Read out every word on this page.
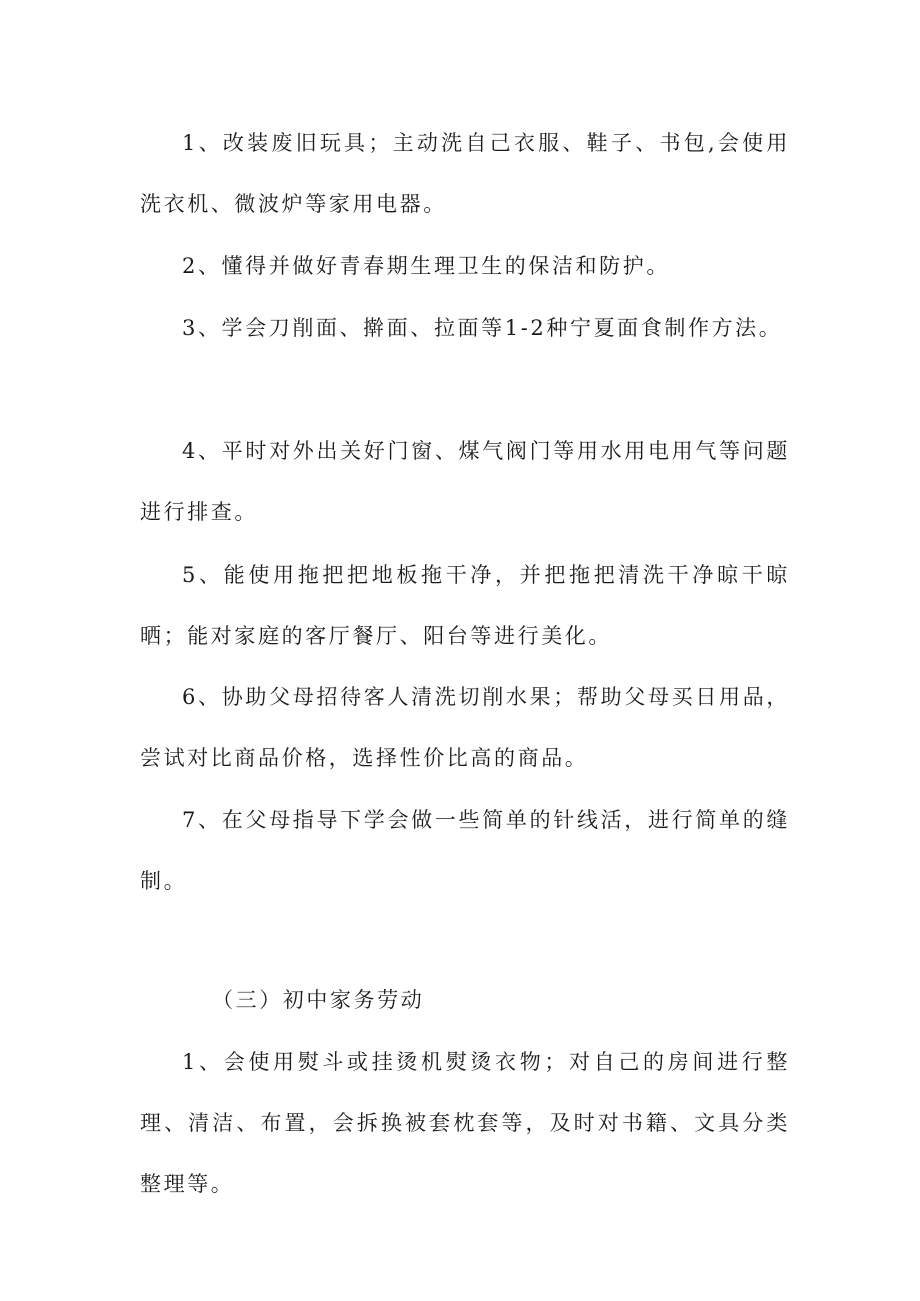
1、改装废旧玩具；主动洗自己衣服、鞋子、书包,会使用洗衣机、微波炉等家用电器。

2、懂得并做好青春期生理卫生的保洁和防护。

3、学会刀削面、擀面、拉面等1-2种宁夏面食制作方法。

4、平时对外出关好门窗、煤气阀门等用水用电用气等问题进行排查。

5、能使用拖把把地板拖干净，并把拖把清洗干净晾干晾晒；能对家庭的客厅餐厅、阳台等进行美化。

6、协助父母招待客人清洗切削水果；帮助父母买日用品，尝试对比商品价格，选择性价比高的商品。

7、在父母指导下学会做一些简单的针线活，进行简单的缝制。

（三）初中家务劳动

1、会使用熨斗或挂烫机熨烫衣物；对自己的房间进行整理、清洁、布置，会拆换被套枕套等，及时对书籍、文具分类整理等。
